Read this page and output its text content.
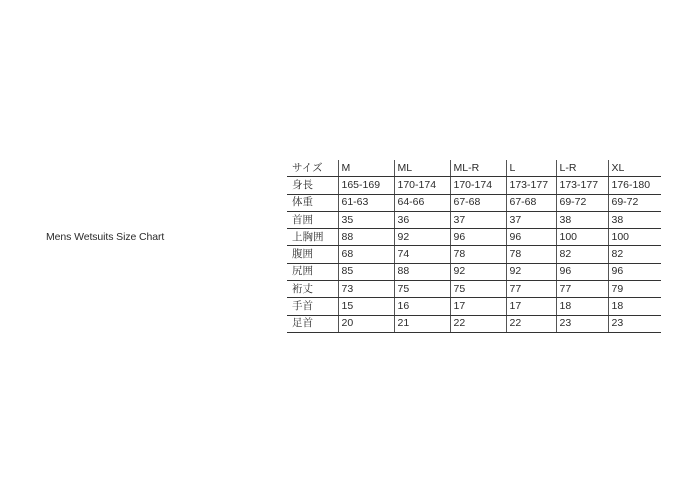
Mens Wetsuits Size Chart
サイズ	M	ML	ML-R	L	L-R	XL
身長	165-169	170-174	170-174	173-177	173-177	176-180
体重	61-63	64-66	67-68	67-68	69-72	69-72
首囲	35	36	37	37	38	38
上胸囲	88	92	96	96	100	100
腹囲	68	74	78	78	82	82
尻囲	85	88	92	92	96	96
裄丈	73	75	75	77	77	79
手首	15	16	17	17	18	18
足首	20	21	22	22	23	23
